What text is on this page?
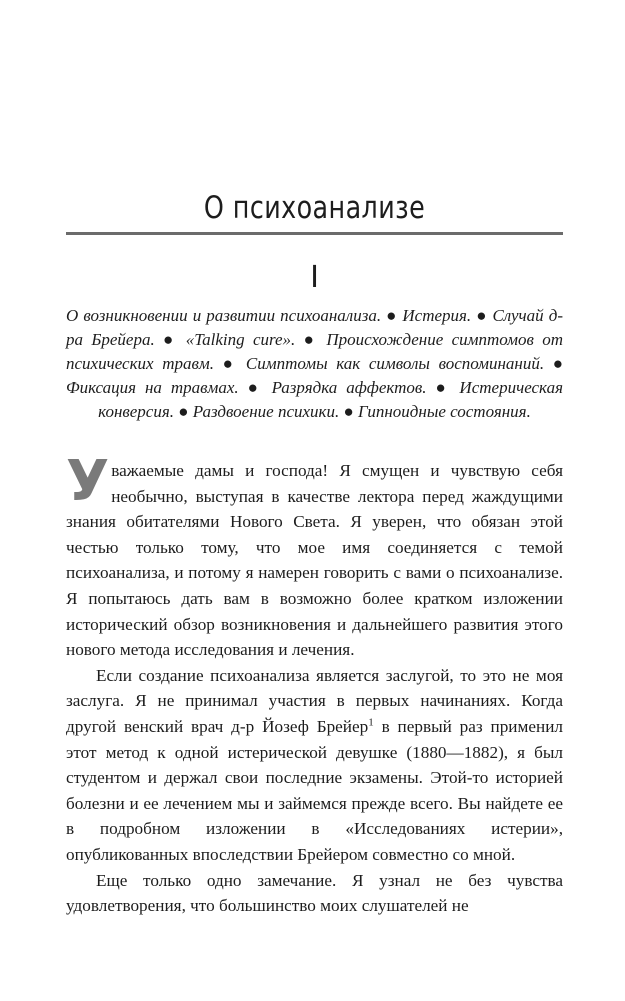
О психоанализе
I
О возникновении и развитии психоанализа. ● Истерия. ● Случай д-ра Брейера. ● «Talking cure». ● Происхождение симптомов от психических травм. ● Симптомы как символы воспоминаний. ● Фиксация на травмах. ● Разрядка аффектов. ● Истерическая конверсия. ● Раздвоение психики. ● Гипноидные состояния.

Уважаемые дамы и господа! Я смущен и чувствую себя необычно, выступая в качестве лектора перед жаждущими знания обитателями Нового Света. Я уверен, что обязан этой честью только тому, что мое имя соединяется с темой психоанализа, и потому я намерен говорить с вами о психоанализе. Я попытаюсь дать вам в возможно более кратком изложении исторический обзор возникновения и дальнейшего развития этого нового метода исследования и лечения.

Если создание психоанализа является заслугой, то это не моя заслуга. Я не принимал участия в первых начинаниях. Когда другой венский врач д-р Йозеф Брейер$^1$ в первый раз применил этот метод к одной истерической девушке (1880—1882), я был студентом и держал свои последние экзамены. Этой-то историей болезни и ее лечением мы и займемся прежде всего. Вы найдете ее в подробном изложении в «Исследованиях истерии», опубликованных впоследствии Брейером совместно со мной.

Еще только одно замечание. Я узнал не без чувства удовлетворения, что большинство моих слушателей не
